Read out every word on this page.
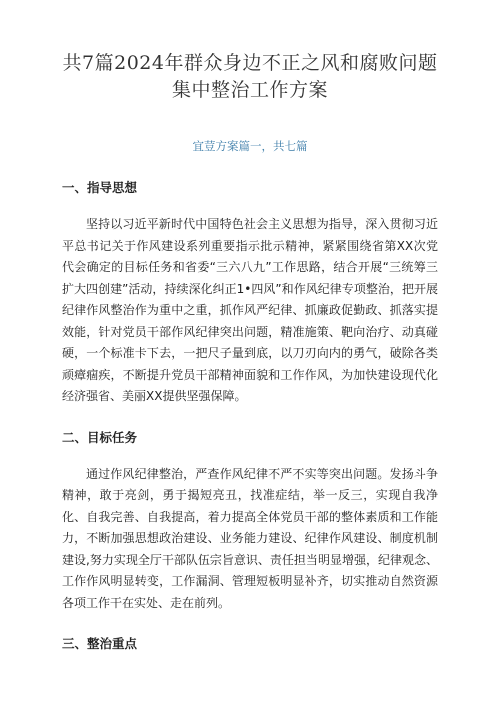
共7篇2024年群众身边不正之风和腐败问题集中整治工作方案
宜荳方案篇一，共七篇
一、指导思想

坚持以习近平新时代中国特色社会主义思想为指导，深入贯彻习近平总书记关于作风建设系列重要指示批示精神，紧紧围绕省第XX次党代会确定的目标任务和省委“三六八九”工作思路，结合开展“三统筹三扩大四创建”活动，持续深化纠正1•四风”和作风纪律专项整治，把开展纪律作风整治作为重中之重，抓作风严纪律、抓廉政促勤政、抓落实提效能，针对党员干部作风纪律突出问题，精准施策、靶向治疗、动真碰硬，一个标准卡下去，一把尺子量到底，以刀刃向内的勇气，破除各类顽瘴痼疾，不断提升党员干部精神面貌和工作作风，为加快建设现代化经济强省、美丽XX提供坚强保障。

二、目标任务

通过作风纪律整治，严查作风纪律不严不实等突出问题。发扬斗争精神，敢于亮剑，勇于揭短亮丑，找准症结，举一反三，实现自我净化、自我完善、自我提高，着力提高全体党员干部的整体素质和工作能力，不断加强思想政治建设、业务能力建设、纪律作风建设、制度机制建设,努力实现全厅干部队伍宗旨意识、责任担当明显增强，纪律观念、工作作风明显转变，工作漏洞、管理短板明显补齐，切实推动自然资源各项工作干在实处、走在前列。

三、整治重点
